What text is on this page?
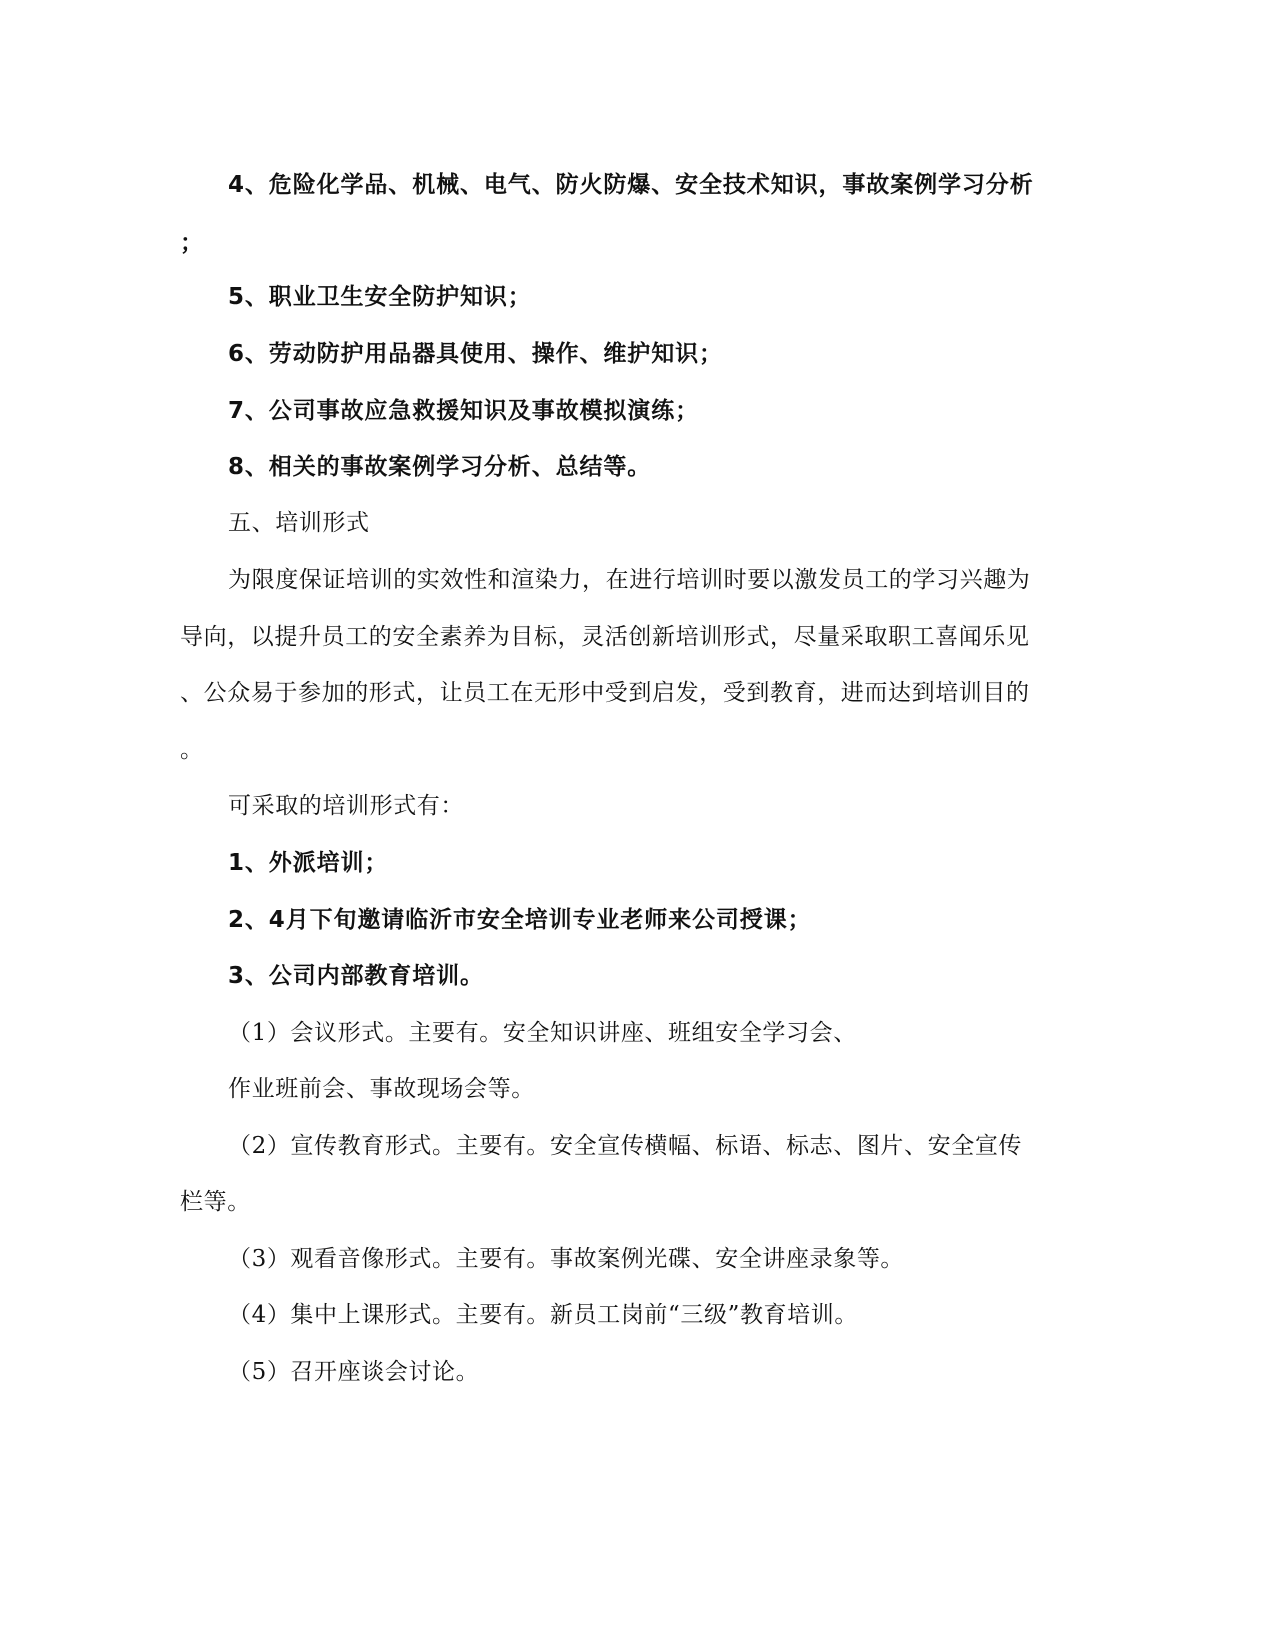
4、危险化学品、机械、电气、防火防爆、安全技术知识，事故案例学习分析
；
5、职业卫生安全防护知识；
6、劳动防护用品器具使用、操作、维护知识；
7、公司事故应急救援知识及事故模拟演练；
8、相关的事故案例学习分析、总结等。
五、培训形式
为限度保证培训的实效性和渲染力，在进行培训时要以激发员工的学习兴趣为
导向，以提升员工的安全素养为目标，灵活创新培训形式，尽量采取职工喜闻乐见
、公众易于参加的形式，让员工在无形中受到启发，受到教育，进而达到培训目的
。
可采取的培训形式有：
1、外派培训；
2、4月下旬邀请临沂市安全培训专业老师来公司授课；
3、公司内部教育培训。
（1）会议形式。主要有。安全知识讲座、班组安全学习会、
作业班前会、事故现场会等。
（2）宣传教育形式。主要有。安全宣传横幅、标语、标志、图片、安全宣传
栏等。
（3）观看音像形式。主要有。事故案例光碟、安全讲座录象等。
（4）集中上课形式。主要有。新员工岗前“三级”教育培训。
（5）召开座谈会讨论。
